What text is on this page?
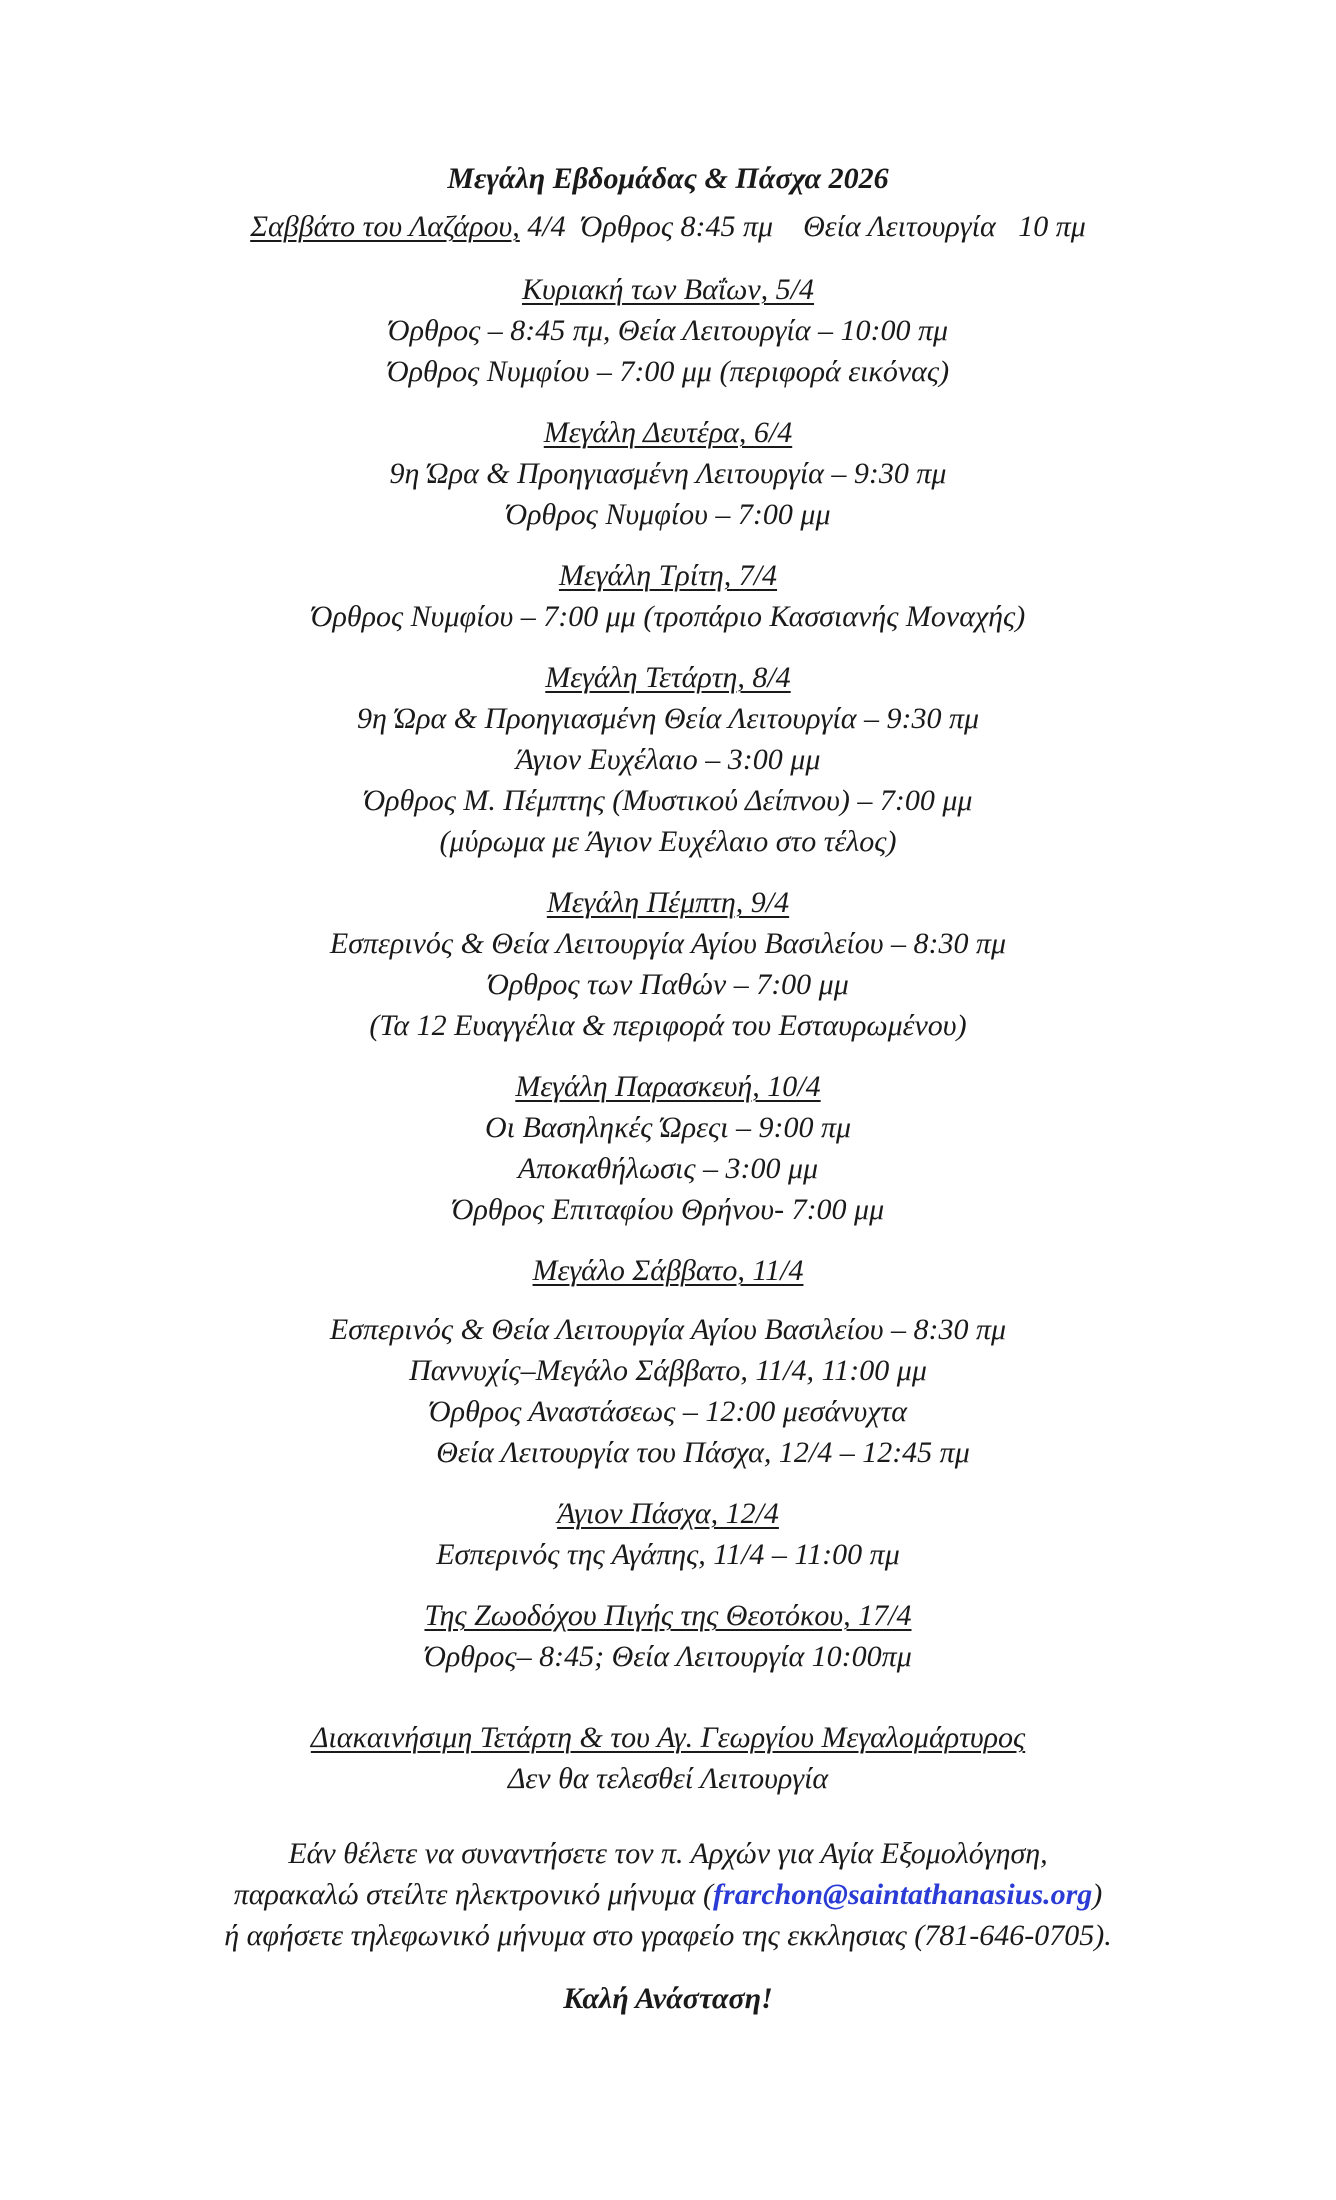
Μεγάλη Εβδομάδας & Πάσχα 2026
Σαββάτο του Λαζάρου, 4/4  Όρθρος 8:45 πμ    Θεία Λειτουργία   10 πμ
Κυριακή των Βαΐων, 5/4
Όρθρος – 8:45 πμ, Θεία Λειτουργία – 10:00 πμ
Όρθρος Νυμφίου – 7:00 μμ (περιφορά εικόνας)
Μεγάλη Δευτέρα, 6/4
9η Ώρα & Προηγιασμένη Λειτουργία – 9:30 πμ
Όρθρος Νυμφίου – 7:00 μμ
Μεγάλη Τρίτη, 7/4
Όρθρος Νυμφίου – 7:00 μμ (τροπάριο Κασσιανής Μοναχής)
Μεγάλη Τετάρτη, 8/4
9η Ώρα & Προηγιασμένη Θεία Λειτουργία – 9:30 πμ
Άγιον Ευχέλαιο – 3:00 μμ
Όρθρος Μ. Πέμπτης (Μυστικού Δείπνου) – 7:00 μμ
(μύρωμα με Άγιον Ευχέλαιο στο τέλος)
Μεγάλη Πέμπτη, 9/4
Εσπερινός & Θεία Λειτουργία Αγίου Βασιλείου – 8:30 πμ
Όρθρος των Παθών – 7:00 μμ
(Τα 12 Ευαγγέλια & περιφορά του Εσταυρωμένου)
Μεγάλη Παρασκευή, 10/4
Οι Βασηληκές Ώρεςι – 9:00 πμ
Αποκαθήλωσις – 3:00 μμ
Όρθρος Επιταφίου Θρήνου- 7:00 μμ
Μεγάλο Σάββατο, 11/4
Εσπερινός & Θεία Λειτουργία Αγίου Βασιλείου – 8:30 πμ
Παννυχίς–Μεγάλο Σάββατο, 11/4, 11:00 μμ
Όρθρος Αναστάσεως – 12:00 μεσάνυχτα
Θεία Λειτουργία του Πάσχα, 12/4 – 12:45 πμ
Άγιον Πάσχα, 12/4
Εσπερινός της Αγάπης, 11/4 – 11:00 πμ
Της Ζωοδόχου Πιγής της Θεοτόκου, 17/4
Όρθρος– 8:45; Θεία Λειτουργία 10:00πμ
Διακαινήσιμη Τετάρτη & του Αγ. Γεωργίου Μεγαλομάρτυρος
Δεν θα τελεσθεί Λειτουργία
Εάν θέλετε να συναντήσετε τον π. Αρχών για Αγία Εξομολόγηση,
παρακαλώ στείλτε ηλεκτρονικό μήνυμα (frarchon@saintathanasius.org)
ή αφήσετε τηλεφωνικό μήνυμα στο γραφείο της εκκλησιας (781-646-0705).
Καλή Ανάσταση!
